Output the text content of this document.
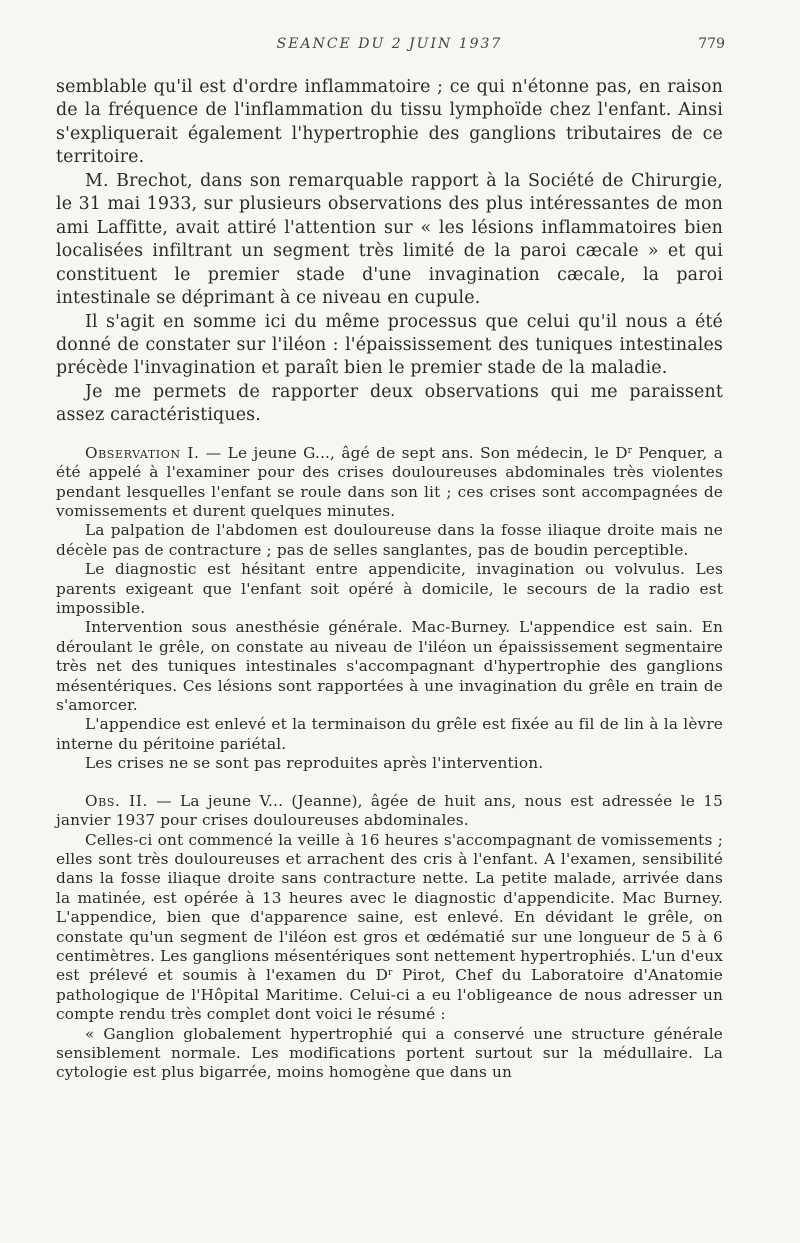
SEANCE DU 2 JUIN 1937	779

semblable qu'il est d'ordre inflammatoire ; ce qui n'étonne pas, en raison de la fréquence de l'inflammation du tissu lymphoïde chez l'enfant. Ainsi s'expliquerait également l'hypertrophie des ganglions tributaires de ce territoire.

M. Brechot, dans son remarquable rapport à la Société de Chirurgie, le 31 mai 1933, sur plusieurs observations des plus intéressantes de mon ami Laffitte, avait attiré l'attention sur « les lésions inflammatoires bien localisées infiltrant un segment très limité de la paroi cæcale » et qui constituent le premier stade d'une invagination cæcale, la paroi intestinale se déprimant à ce niveau en cupule.

Il s'agit en somme ici du même processus que celui qu'il nous a été donné de constater sur l'iléon : l'épaississement des tuniques intestinales précède l'invagination et paraît bien le premier stade de la maladie.

Je me permets de rapporter deux observations qui me paraissent assez caractéristiques.

Observation I. — Le jeune G..., âgé de sept ans. Son médecin, le $D^r$ Penquer, a été appelé à l'examiner pour des crises douloureuses abdominales très violentes pendant lesquelles l'enfant se roule dans son lit ; ces crises sont accompagnées de vomissements et durent quelques minutes.

La palpation de l'abdomen est douloureuse dans la fosse iliaque droite mais ne décèle pas de contracture ; pas de selles sanglantes, pas de boudin perceptible.

Le diagnostic est hésitant entre appendicite, invagination ou volvulus. Les parents exigeant que l'enfant soit opéré à domicile, le secours de la radio est impossible.

Intervention sous anesthésie générale. Mac-Burney. L'appendice est sain. En déroulant le grêle, on constate au niveau de l'iléon un épaississement segmentaire très net des tuniques intestinales s'accompagnant d'hypertrophie des ganglions mésentériques. Ces lésions sont rapportées à une invagination du grêle en train de s'amorcer.

L'appendice est enlevé et la terminaison du grêle est fixée au fil de lin à la lèvre interne du péritoine pariétal.

Les crises ne se sont pas reproduites après l'intervention.

Obs. II. — La jeune V... (Jeanne), âgée de huit ans, nous est adressée le 15 janvier 1937 pour crises douloureuses abdominales.

Celles-ci ont commencé la veille à 16 heures s'accompagnant de vomissements ; elles sont très douloureuses et arrachent des cris à l'enfant. A l'examen, sensibilité dans la fosse iliaque droite sans contracture nette. La petite malade, arrivée dans la matinée, est opérée à 13 heures avec le diagnostic d'appendicite. Mac Burney. L'appendice, bien que d'apparence saine, est enlevé. En dévidant le grêle, on constate qu'un segment de l'iléon est gros et œdématié sur une longueur de 5 à 6 centimètres. Les ganglions mésentériques sont nettement hypertrophiés. L'un d'eux est prélevé et soumis à l'examen du $D^r$ Pirot, Chef du Laboratoire d'Anatomie pathologique de l'Hôpital Maritime. Celui-ci a eu l'obligeance de nous adresser un compte rendu très complet dont voici le résumé :

« Ganglion globalement hypertrophié qui a conservé une structure générale sensiblement normale. Les modifications portent surtout sur la médullaire. La cytologie est plus bigarrée, moins homogène que dans un
